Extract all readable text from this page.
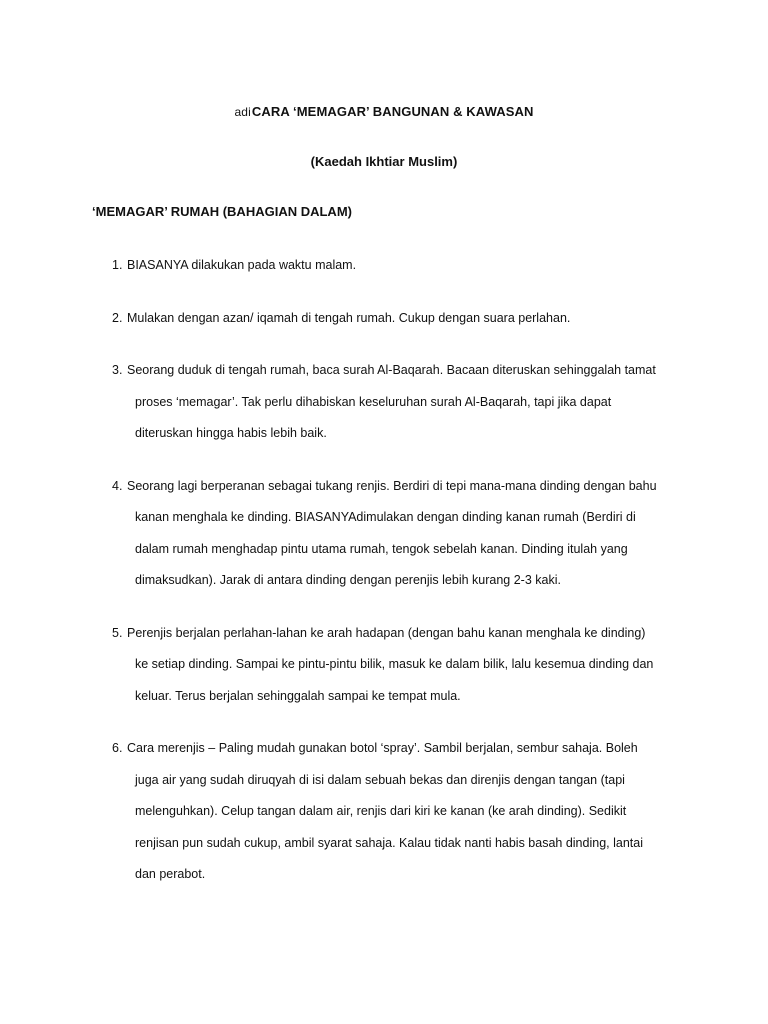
adiCARA ‘MEMAGAR’ BANGUNAN & KAWASAN
(Kaedah Ikhtiar Muslim)
‘MEMAGAR’ RUMAH (BAHAGIAN DALAM)
1. BIASANYA dilakukan pada waktu malam.
2. Mulakan dengan azan/ iqamah di tengah rumah. Cukup dengan suara perlahan.
3. Seorang duduk di tengah rumah, baca surah Al-Baqarah. Bacaan diteruskan sehinggalah tamat
proses ‘memagar’. Tak perlu dihabiskan keseluruhan surah Al-Baqarah, tapi jika dapat
diteruskan hingga habis lebih baik.
4. Seorang lagi berperanan sebagai tukang renjis. Berdiri di tepi mana-mana dinding dengan bahu
kanan menghala ke dinding. BIASANYAdimulakan dengan dinding kanan rumah (Berdiri di
dalam rumah menghadap pintu utama rumah, tengok sebelah kanan. Dinding itulah yang
dimaksudkan). Jarak di antara dinding dengan perenjis lebih kurang 2-3 kaki.
5. Perenjis berjalan perlahan-lahan ke arah hadapan (dengan bahu kanan menghala ke dinding)
ke setiap dinding. Sampai ke pintu-pintu bilik, masuk ke dalam bilik, lalu kesemua dinding dan
keluar. Terus berjalan sehinggalah sampai ke tempat mula.
6. Cara merenjis – Paling mudah gunakan botol ‘spray’. Sambil berjalan, sembur sahaja. Boleh
juga air yang sudah diruqyah di isi dalam sebuah bekas dan direnjis dengan tangan (tapi
melenguhkan). Celup tangan dalam air, renjis dari kiri ke kanan (ke arah dinding). Sedikit
renjisan pun sudah cukup, ambil syarat sahaja. Kalau tidak nanti habis basah dinding, lantai
dan perabot.
